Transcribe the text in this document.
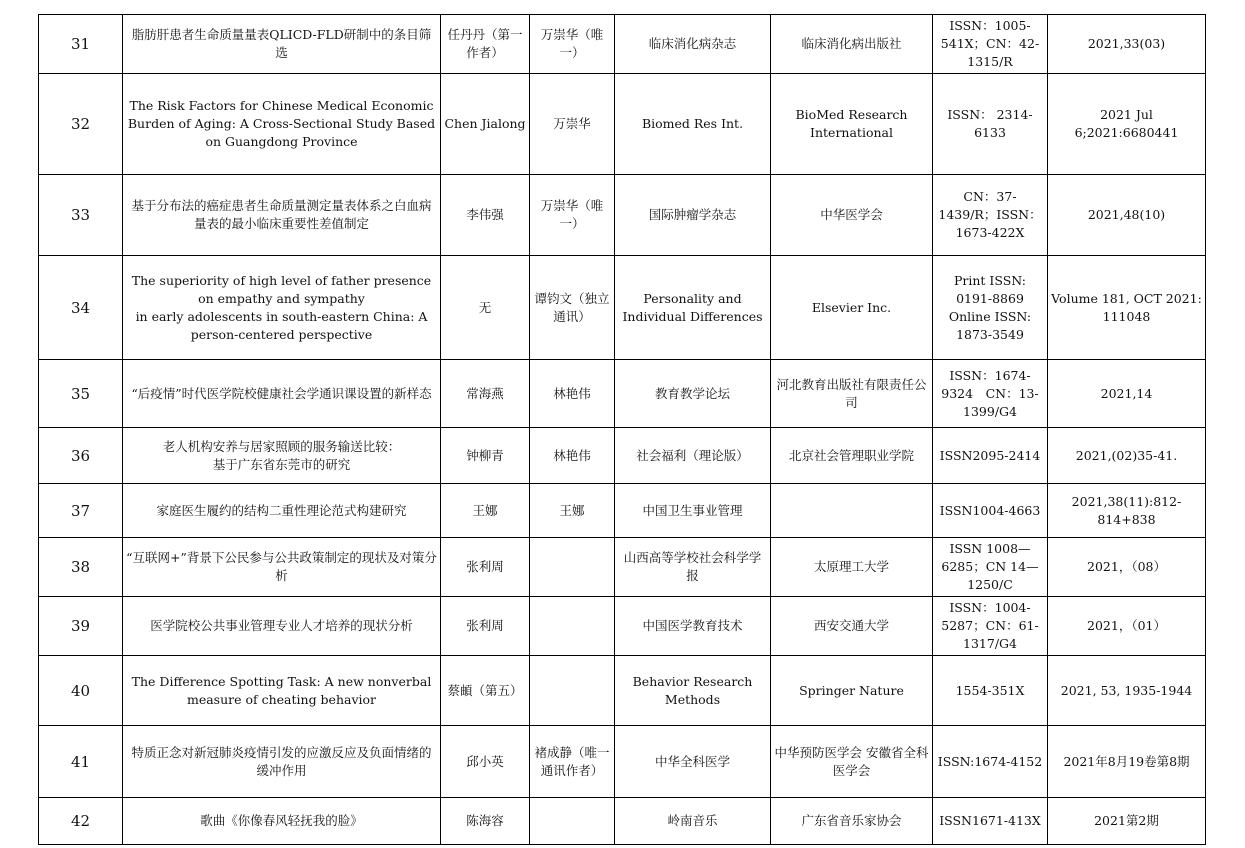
31	脂肪肝患者生命质量量表QLICD-FLD研制中的条目筛选	任丹丹（第一作者）	万崇华（唯一）	临床消化病杂志	临床消化病出版社	ISSN：1005-541X；CN：42-1315/R	2021,33(03)
32	The Risk Factors for Chinese Medical Economic Burden of Aging: A Cross-Sectional Study Based on Guangdong Province	Chen Jialong	万崇华	Biomed Res Int.	BioMed Research International	ISSN： 2314-6133	2021 Jul 6;2021:6680441
33	基于分布法的癌症患者生命质量测定量表体系之白血病量表的最小临床重要性差值制定	李伟强	万崇华（唯一）	国际肿瘤学杂志	中华医学会	CN：37-1439/R；ISSN：1673-422X	2021,48(10)
34	The superiority of high level of father presence on empathy and sympathy
in early adolescents in south-eastern China: A person-centered perspective	无	谭钧文（独立通讯）	Personality and Individual Differences	Elsevier Inc.	Print ISSN: 0191-8869
Online ISSN: 1873-3549	Volume 181, OCT 2021: 111048
35	“后疫情”时代医学院校健康社会学通识课设置的新样态	常海燕	林艳伟	教育教学论坛	河北教育出版社有限责任公司	ISSN：1674-9324　CN：13-1399/G4	2021,14
36	老人机构安养与居家照顾的服务输送比较：
基于广东省东莞市的研究	钟柳青	林艳伟	社会福利（理论版）	北京社会管理职业学院	ISSN2095-2414	2021,(02)35-41.
37	家庭医生履约的结构二重性理论范式构建研究	王娜	王娜	中国卫生事业管理		ISSN1004-4663	2021,38(11):812-814+838
38	“互联网+”背景下公民参与公共政策制定的现状及对策分析	张利周		山西高等学校社会科学学报	太原理工大学	ISSN 1008—6285；CN 14—1250/C	2021，（08）
39	医学院校公共事业管理专业人才培养的现状分析	张利周		中国医学教育技术	西安交通大学	ISSN：1004-5287；CN：61-1317/G4	2021，（01）
40	The Difference Spotting Task: A new nonverbal measure of cheating behavior	蔡頔（第五）		Behavior Research Methods	Springer Nature	1554-351X	2021, 53, 1935-1944
41	特质正念对新冠肺炎疫情引发的应激反应及负面情绪的缓冲作用	邱小英	褚成静（唯一通讯作者）	中华全科医学	中华预防医学会 安徽省全科医学会	ISSN:1674-4152	2021年8月19卷第8期
42	歌曲《你像春风轻抚我的脸》	陈海容		岭南音乐	广东省音乐家协会	ISSN1671-413X	2021第2期
